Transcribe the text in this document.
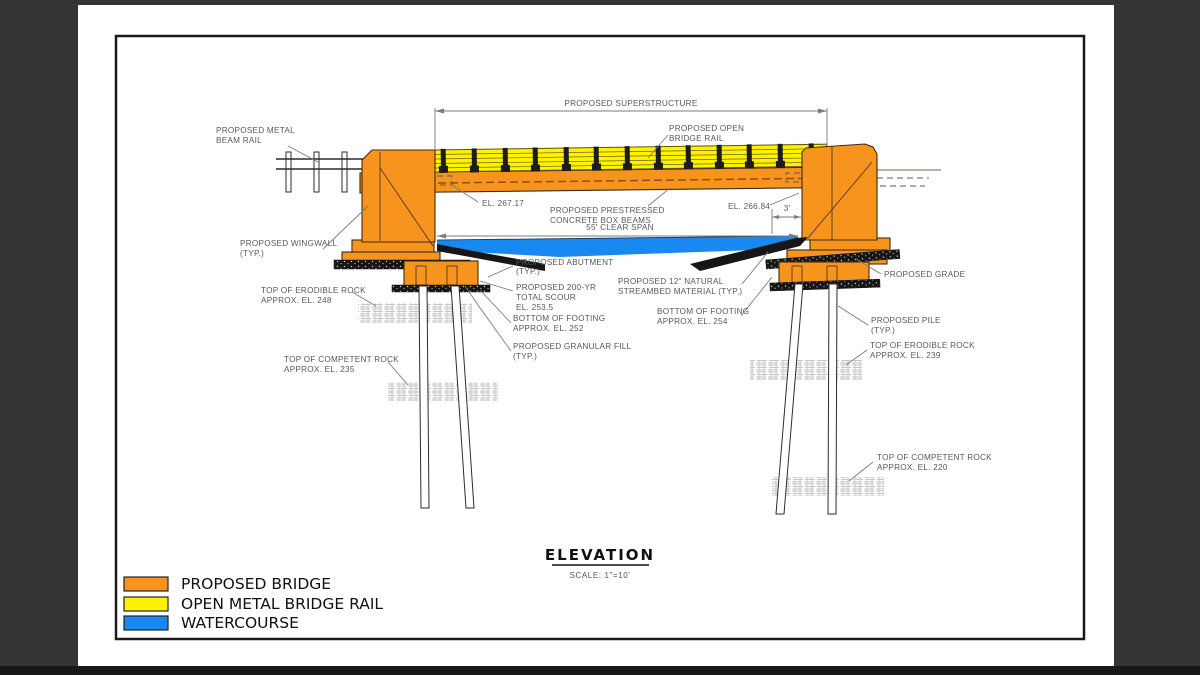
PROPOSED SUPERSTRUCTURE
55' CLEAR SPAN
3'
PROPOSED OPEN
BRIDGE RAIL
PROPOSED METAL
BEAM RAIL
EL. 267.17	EL. 266.84
PROPOSED PRESTRESSED
CONCRETE BOX BEAMS
PROPOSED WINGWALL
(TYP.)
PROPOSED ABUTMENT
(TYP.)
PROPOSED 200-YR
TOTAL SCOUR
EL. 253.5
BOTTOM OF FOOTING
APPROX. EL. 252
PROPOSED GRANULAR FILL
(TYP.)
TOP OF ERODIBLE ROCK
APPROX. EL. 248
TOP OF COMPETENT ROCK
APPROX. EL. 235
PROPOSED 12" NATURAL
STREAMBED MATERIAL (TYP.)
BOTTOM OF FOOTING
APPROX. EL. 254
PROPOSED GRADE
PROPOSED PILE
(TYP.)
TOP OF ERODIBLE ROCK
APPROX. EL. 239
TOP OF COMPETENT ROCK
APPROX. EL. 220
ELEVATION
SCALE: 1"=10'
PROPOSED BRIDGE
OPEN METAL BRIDGE RAIL
WATERCOURSE
